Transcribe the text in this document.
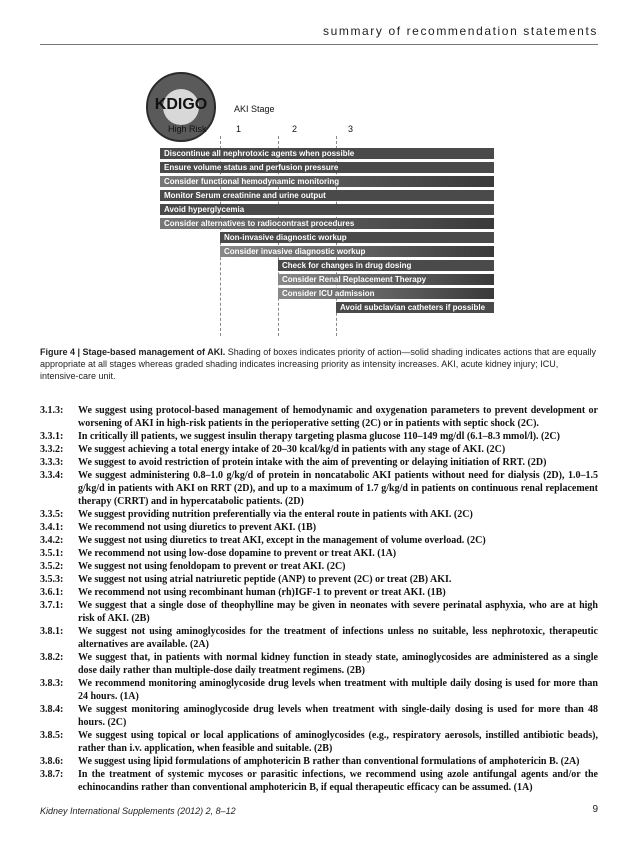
summary of recommendation statements
KDIGO	AKI Stage
High Risk	1	2	3
Discontinue all nephrotoxic agents when possible
Ensure volume status and perfusion pressure
Consider functional hemodynamic monitoring
Monitor Serum creatinine and urine output
Avoid hyperglycemia
Consider alternatives to radiocontrast procedures
Non-invasive diagnostic workup
Consider invasive diagnostic workup
Check for changes in drug dosing
Consider Renal Replacement Therapy
Consider ICU admission
Avoid subclavian catheters if possible
Figure 4 | Stage-based management of AKI. Shading of boxes indicates priority of action—solid shading indicates actions that are equally appropriate at all stages whereas graded shading indicates increasing priority as intensity increases. AKI, acute kidney injury; ICU, intensive-care unit.
3.1.3:	We suggest using protocol-based management of hemodynamic and oxygenation parameters to prevent development or worsening of AKI in high-risk patients in the perioperative setting (2C) or in patients with septic shock (2C).
3.3.1:	In critically ill patients, we suggest insulin therapy targeting plasma glucose 110–149 mg/dl (6.1–8.3 mmol/l). (2C)
3.3.2:	We suggest achieving a total energy intake of 20–30 kcal/kg/d in patients with any stage of AKI. (2C)
3.3.3:	We suggest to avoid restriction of protein intake with the aim of preventing or delaying initiation of RRT. (2D)
3.3.4:	We suggest administering 0.8–1.0 g/kg/d of protein in noncatabolic AKI patients without need for dialysis (2D), 1.0–1.5 g/kg/d in patients with AKI on RRT (2D), and up to a maximum of 1.7 g/kg/d in patients on continuous renal replacement therapy (CRRT) and in hypercatabolic patients. (2D)
3.3.5:	We suggest providing nutrition preferentially via the enteral route in patients with AKI. (2C)
3.4.1:	We recommend not using diuretics to prevent AKI. (1B)
3.4.2:	We suggest not using diuretics to treat AKI, except in the management of volume overload. (2C)
3.5.1:	We recommend not using low-dose dopamine to prevent or treat AKI. (1A)
3.5.2:	We suggest not using fenoldopam to prevent or treat AKI. (2C)
3.5.3:	We suggest not using atrial natriuretic peptide (ANP) to prevent (2C) or treat (2B) AKI.
3.6.1:	We recommend not using recombinant human (rh)IGF-1 to prevent or treat AKI. (1B)
3.7.1:	We suggest that a single dose of theophylline may be given in neonates with severe perinatal asphyxia, who are at high risk of AKI. (2B)
3.8.1:	We suggest not using aminoglycosides for the treatment of infections unless no suitable, less nephrotoxic, therapeutic alternatives are available. (2A)
3.8.2:	We suggest that, in patients with normal kidney function in steady state, aminoglycosides are administered as a single dose daily rather than multiple-dose daily treatment regimens. (2B)
3.8.3:	We recommend monitoring aminoglycoside drug levels when treatment with multiple daily dosing is used for more than 24 hours. (1A)
3.8.4:	We suggest monitoring aminoglycoside drug levels when treatment with single-daily dosing is used for more than 48 hours. (2C)
3.8.5:	We suggest using topical or local applications of aminoglycosides (e.g., respiratory aerosols, instilled antibiotic beads), rather than i.v. application, when feasible and suitable. (2B)
3.8.6:	We suggest using lipid formulations of amphotericin B rather than conventional formulations of amphotericin B. (2A)
3.8.7:	In the treatment of systemic mycoses or parasitic infections, we recommend using azole antifungal agents and/or the echinocandins rather than conventional amphotericin B, if equal therapeutic efficacy can be assumed. (1A)
Kidney International Supplements (2012) 2, 8–12	9
